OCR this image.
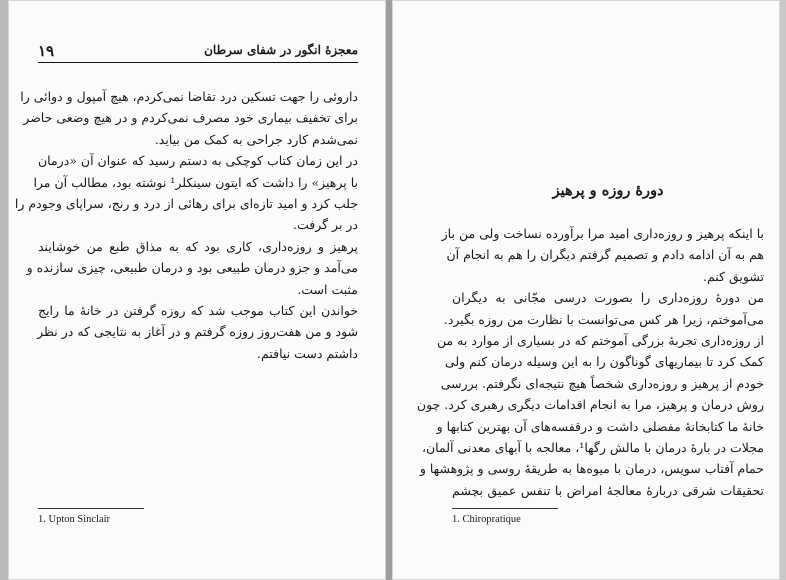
۱۹	معجزهٔ انگور در شفای سرطان
داروئی را جهت تسکین درد تقاضا نمی‌کردم، هیچ آمپول و دوائی را
برای تخفیف بیماری خود مصرف نمی‌کردم و در هیچ وضعی حاضر
نمی‌شدم کارد جراحی به کمک من بیاید.
در این زمان کتاب کوچکی به دستم رسید که عنوان آن «درمان
با پرهیز» را داشت که ایتون سینکلر¹ نوشته بود، مطالب آن مرا
جلب کرد و امید تازه‌ای برای رهائی از درد و رنج، سراپای وجودم را
در بر گرفت.
پرهیز و روزه‌داری، کاری بود که به مذاق طبع من خوشایند
می‌آمد و جزو درمان طبیعی بود و درمان طبیعی، چیزی سازنده و
مثبت است.
خواندن این کتاب موجب شد که روزه گرفتن در خانهٔ ما رایج
شود و من هفت‌روز روزه گرفتم و در آغاز به نتایجی که در نظر
داشتم دست نیافتم.
1. Upton Sinclair
دورهٔ روزه و پرهیز
با اینکه پرهیز و روزه‌داری امید مرا برآورده نساخت ولی من باز
هم به آن ادامه دادم و تصمیم گرفتم دیگران را هم به انجام آن
تشویق کنم.
من دورهٔ روزه‌داری را بصورت درسی مجّانی به دیگران
می‌آموختم، زیرا هر کس می‌توانست با نظارت من روزه بگیرد.
از روزه‌داری تجربهٔ بزرگی آموختم که در بسیاری از موارد به من
کمک کرد تا بیماریهای گوناگون را به این وسیله درمان کنم ولی
خودم از پرهیز و روزه‌داری شخصاً هیچ نتیجه‌ای نگرفتم. بررسی
روش درمان و پرهیز، مرا به انجام اقدامات دیگری رهبری کرد. چون
خانهٔ ما کتابخانهٔ مفصلی داشت و درقفسه‌های آن بهترین کتابها و
مجلات در بارهٔ درمان با مالش رگها¹، معالجه با آبهای معدنی آلمان،
حمام آفتاب سویس، درمان با میوه‌ها به طریقهٔ روسی و پژوهشها و
تحقیقات شرقی دربارهٔ معالجهٔ امراض با تنفس عمیق بچشم
1. Chiropratique
